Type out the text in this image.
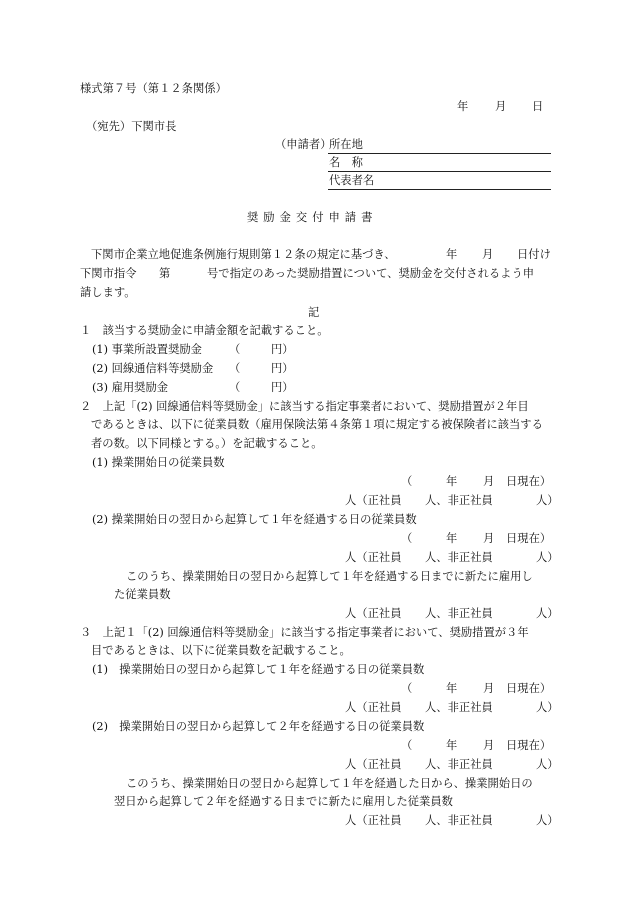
様式第７号（第１２条関係）
年 月 日
（宛先）下関市長
（申請者）
所在地
名　称
代表者名
奨励金交付申請書
下関市企業立地促進条例施行規則第１２条の規定に基づき、	年 月 日付け
下関市指令 第	号で指定のあった奨励措置について、奨励金を交付されるよう申
請します。
記
１　該当する奨励金に申請金額を記載すること。
(1) 事業所設置奨励金 （	円）
(2) 回線通信料等奨励金 （	円）
(3) 雇用奨励金	（	円）
２　上記「(2) 回線通信料等奨励金」に該当する指定事業者において、奨励措置が２年目
であるときは、以下に従業員数（雇用保険法第４条第１項に規定する被保険者に該当する
者の数。以下同様とする。）を記載すること。
(1) 操業開始日の従業員数
（	年 月 日現在）
人（正社員 人、非正社員	人）
(2) 操業開始日の翌日から起算して１年を経過する日の従業員数
（	年 月 日現在）
人（正社員 人、非正社員	人）
このうち、操業開始日の翌日から起算して１年を経過する日までに新たに雇用し
た従業員数
人（正社員 人、非正社員	人）
３　上記１「(2) 回線通信料等奨励金」に該当する指定事業者において、奨励措置が３年
目であるときは、以下に従業員数を記載すること。
(1)　操業開始日の翌日から起算して１年を経過する日の従業員数
（	年 月 日現在）
人（正社員 人、非正社員	人）
(2)　操業開始日の翌日から起算して２年を経過する日の従業員数
（	年 月 日現在）
人（正社員 人、非正社員	人）
このうち、操業開始日の翌日から起算して１年を経過した日から、操業開始日の
翌日から起算して２年を経過する日までに新たに雇用した従業員数
人（正社員 人、非正社員	人）
